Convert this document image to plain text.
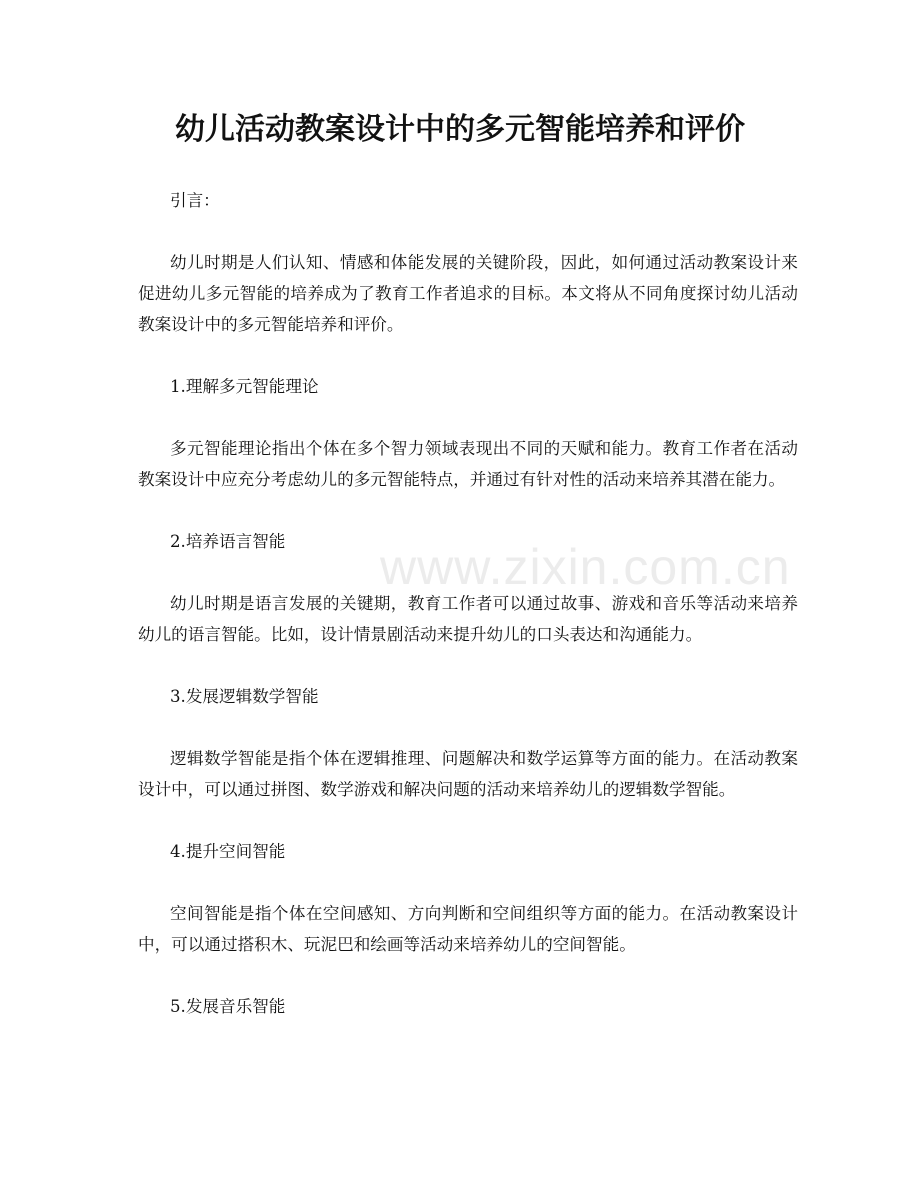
www.zixin.com.cn
幼儿活动教案设计中的多元智能培养和评价

引言：

幼儿时期是人们认知、情感和体能发展的关键阶段，因此，如何通过活动教案设计来促进幼儿多元智能的培养成为了教育工作者追求的目标。本文将从不同角度探讨幼儿活动教案设计中的多元智能培养和评价。

1.理解多元智能理论

多元智能理论指出个体在多个智力领域表现出不同的天赋和能力。教育工作者在活动教案设计中应充分考虑幼儿的多元智能特点，并通过有针对性的活动来培养其潜在能力。

2.培养语言智能

幼儿时期是语言发展的关键期，教育工作者可以通过故事、游戏和音乐等活动来培养幼儿的语言智能。比如，设计情景剧活动来提升幼儿的口头表达和沟通能力。

3.发展逻辑数学智能

逻辑数学智能是指个体在逻辑推理、问题解决和数学运算等方面的能力。在活动教案设计中，可以通过拼图、数学游戏和解决问题的活动来培养幼儿的逻辑数学智能。

4.提升空间智能

空间智能是指个体在空间感知、方向判断和空间组织等方面的能力。在活动教案设计中，可以通过搭积木、玩泥巴和绘画等活动来培养幼儿的空间智能。

5.发展音乐智能
